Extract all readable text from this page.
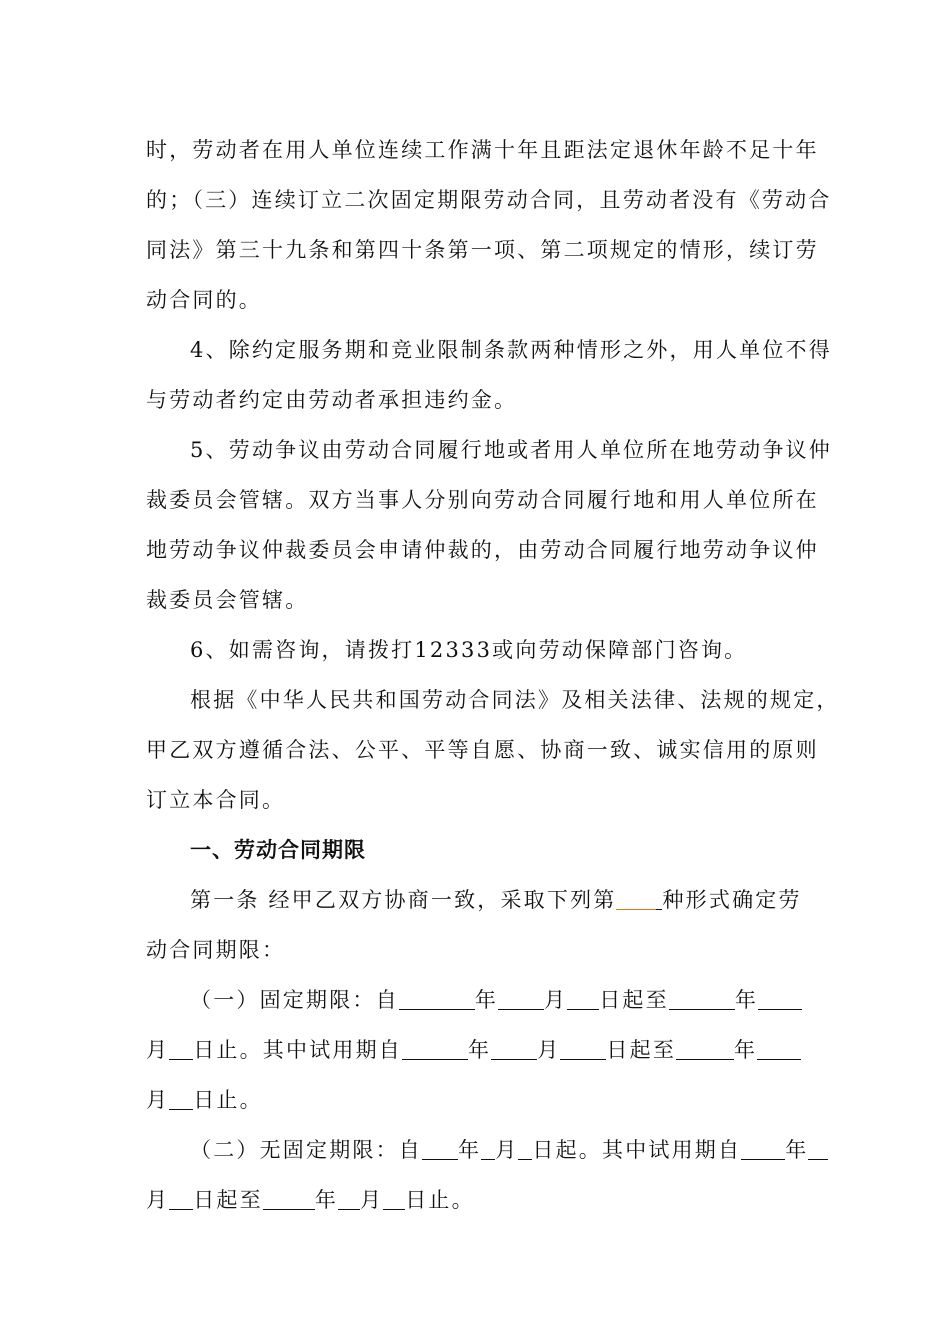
时，劳动者在用人单位连续工作满十年且距法定退休年龄不足十年
的；（三）连续订立二次固定期限劳动合同，且劳动者没有《劳动合
同法》第三十九条和第四十条第一项、第二项规定的情形，续订劳
动合同的。
4、除约定服务期和竞业限制条款两种情形之外，用人单位不得
与劳动者约定由劳动者承担违约金。
5、劳动争议由劳动合同履行地或者用人单位所在地劳动争议仲
裁委员会管辖。双方当事人分别向劳动合同履行地和用人单位所在
地劳动争议仲裁委员会申请仲裁的，由劳动合同履行地劳动争议仲
裁委员会管辖。
6、如需咨询，请拨打12333或向劳动保障部门咨询。
根据《中华人民共和国劳动合同法》及相关法律、法规的规定，
甲乙双方遵循合法、公平、平等自愿、协商一致、诚实信用的原则
订立本合同。
一、劳动合同期限
第一条 经甲乙双方协商一致，采取下列第 种形式确定劳
动合同期限：
（一）固定期限：自	年 月 日起至	年
月 日止。其中试用期自	年 月 日起至	年
月 日止。
（二）无固定期限：自 年 月 日起。其中试用期自 年
月 日起至 年 月 日止。
